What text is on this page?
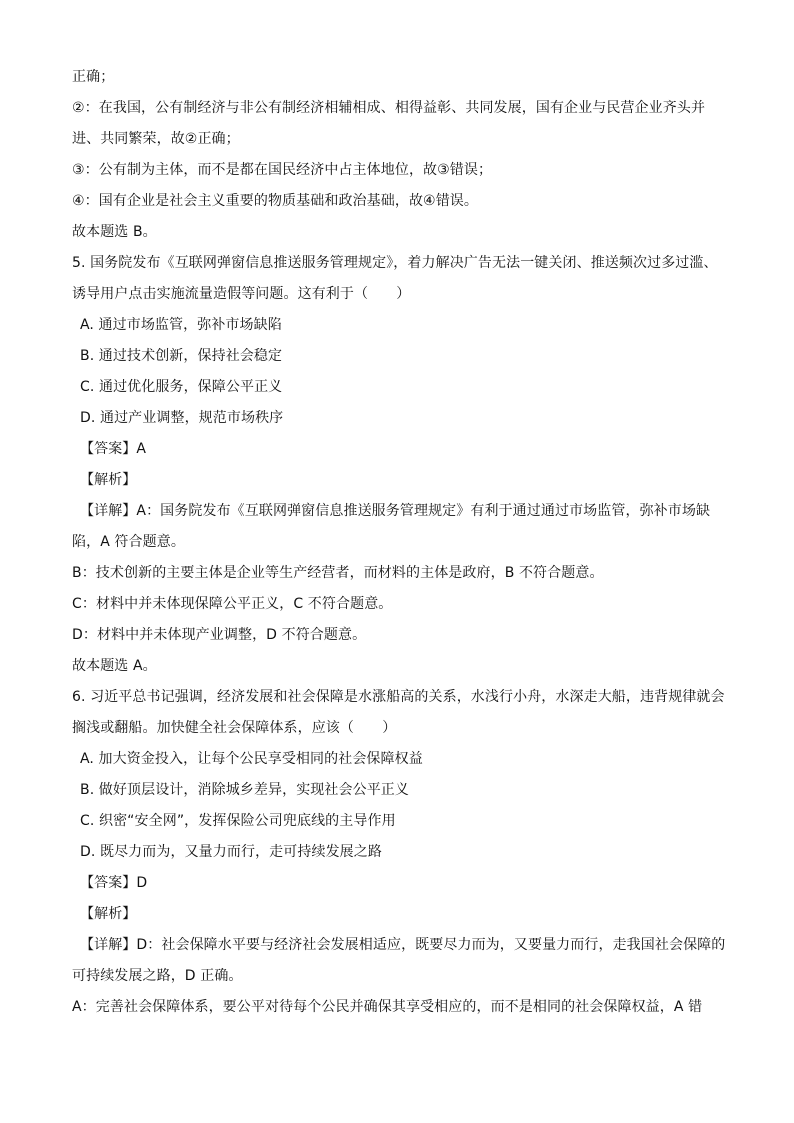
正确；
②：在我国，公有制经济与非公有制经济相辅相成、相得益彰、共同发展，国有企业与民营企业齐头并
进、共同繁荣，故②正确；
③：公有制为主体，而不是都在国民经济中占主体地位，故③错误；
④：国有企业是社会主义重要的物质基础和政治基础，故④错误。
故本题选 B。
5. 国务院发布《互联网弹窗信息推送服务管理规定》，着力解决广告无法一键关闭、推送频次过多过滥、
诱导用户点击实施流量造假等问题。这有利于（　　）
A. 通过市场监管，弥补市场缺陷
B. 通过技术创新，保持社会稳定
C. 通过优化服务，保障公平正义
D. 通过产业调整，规范市场秩序
【答案】A
【解析】
【详解】A：国务院发布《互联网弹窗信息推送服务管理规定》有利于通过通过市场监管，弥补市场缺
陷，A 符合题意。
B：技术创新的主要主体是企业等生产经营者，而材料的主体是政府，B 不符合题意。
C：材料中并未体现保障公平正义，C 不符合题意。
D：材料中并未体现产业调整，D 不符合题意。
故本题选 A。
6. 习近平总书记强调，经济发展和社会保障是水涨船高的关系，水浅行小舟，水深走大船，违背规律就会
搁浅或翻船。加快健全社会保障体系，应该（　　）
A. 加大资金投入，让每个公民享受相同的社会保障权益
B. 做好顶层设计，消除城乡差异，实现社会公平正义
C. 织密“安全网”，发挥保险公司兜底线的主导作用
D. 既尽力而为，又量力而行，走可持续发展之路
【答案】D
【解析】
【详解】D：社会保障水平要与经济社会发展相适应，既要尽力而为，又要量力而行，走我国社会保障的
可持续发展之路，D 正确。
A：完善社会保障体系，要公平对待每个公民并确保其享受相应的，而不是相同的社会保障权益，A 错
